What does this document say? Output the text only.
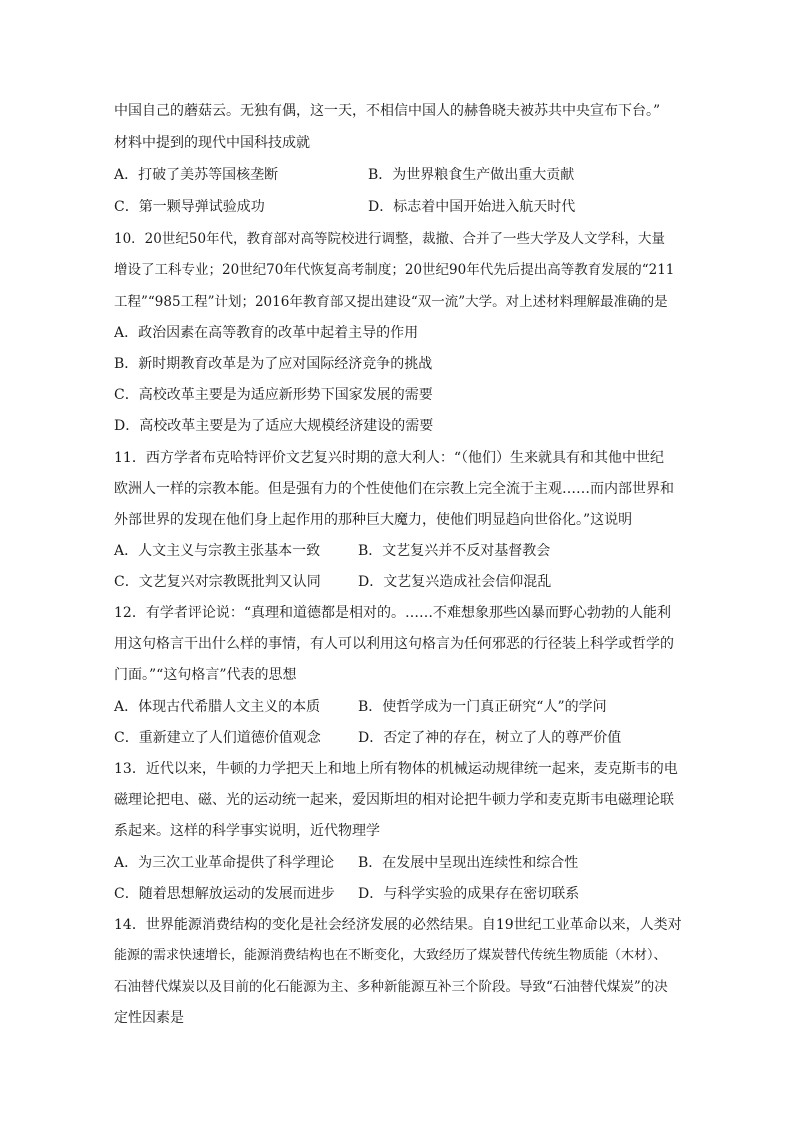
中国自己的蘑菇云。无独有偶，这一天，不相信中国人的赫鲁晓夫被苏共中央宣布下台。”
材料中提到的现代中国科技成就
A．打破了美苏等国核垄断	B．为世界粮食生产做出重大贡献
C．第一颗导弹试验成功	D．标志着中国开始进入航天时代
10．20世纪50年代，教育部对高等院校进行调整，裁撤、合并了一些大学及人文学科，大量
增设了工科专业；20世纪70年代恢复高考制度；20世纪90年代先后提出高等教育发展的“211
工程”“985工程”计划；2016年教育部又提出建设“双一流”大学。对上述材料理解最准确的是
A．政治因素在高等教育的改革中起着主导的作用
B．新时期教育改革是为了应对国际经济竞争的挑战
C．高校改革主要是为适应新形势下国家发展的需要
D．高校改革主要是为了适应大规模经济建设的需要
11．西方学者布克哈特评价文艺复兴时期的意大利人：“（他们）生来就具有和其他中世纪
欧洲人一样的宗教本能。但是强有力的个性使他们在宗教上完全流于主观……而内部世界和
外部世界的发现在他们身上起作用的那种巨大魔力，使他们明显趋向世俗化。”这说明
A．人文主义与宗教主张基本一致	B．文艺复兴并不反对基督教会
C．文艺复兴对宗教既批判又认同	D．文艺复兴造成社会信仰混乱
12．有学者评论说：“真理和道德都是相对的。……不难想象那些凶暴而野心勃勃的人能利
用这句格言干出什么样的事情，有人可以利用这句格言为任何邪恶的行径装上科学或哲学的
门面。”“这句格言”代表的思想
A．体现古代希腊人文主义的本质	B．使哲学成为一门真正研究“人”的学问
C．重新建立了人们道德价值观念	D．否定了神的存在，树立了人的尊严价值
13．近代以来，牛顿的力学把天上和地上所有物体的机械运动规律统一起来，麦克斯韦的电
磁理论把电、磁、光的运动统一起来，爱因斯坦的相对论把牛顿力学和麦克斯韦电磁理论联
系起来。这样的科学事实说明，近代物理学
A．为三次工业革命提供了科学理论 B．在发展中呈现出连续性和综合性
C．随着思想解放运动的发展而进步 D．与科学实验的成果存在密切联系
14．世界能源消费结构的变化是社会经济发展的必然结果。自19世纪工业革命以来，人类对
能源的需求快速增长，能源消费结构也在不断变化，大致经历了煤炭替代传统生物质能（木材）、
石油替代煤炭以及目前的化石能源为主、多种新能源互补三个阶段。导致“石油替代煤炭”的决
定性因素是
